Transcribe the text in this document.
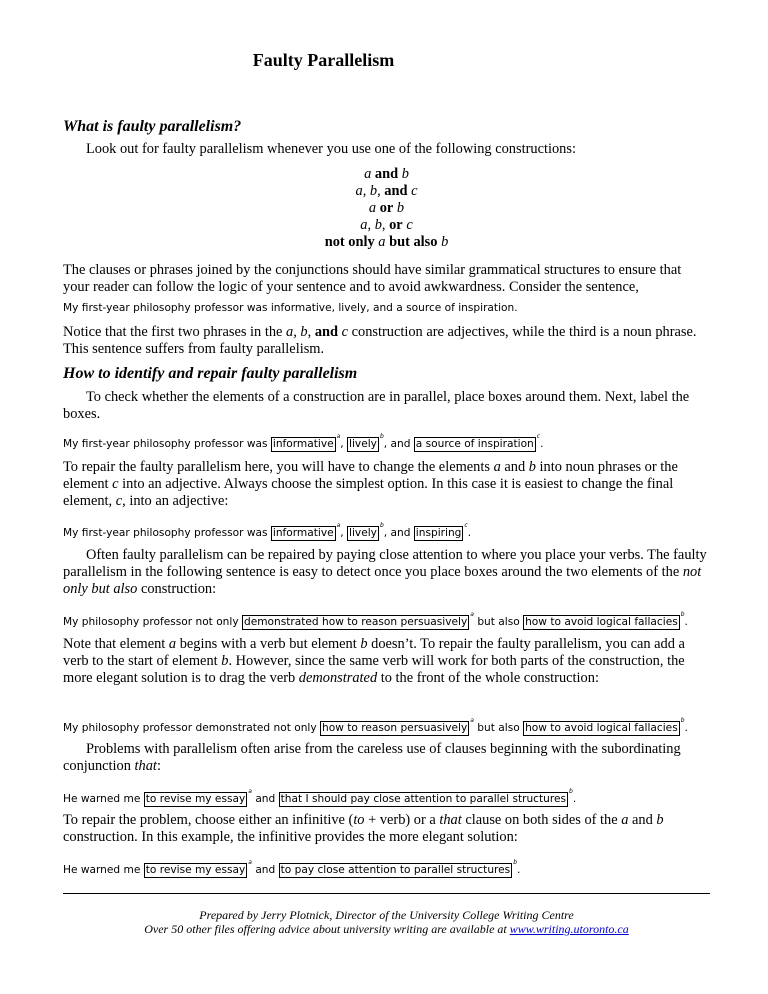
Faulty Parallelism
What is faulty parallelism?
Look out for faulty parallelism whenever you use one of the following constructions:
a and b
a, b, and c
a or b
a, b, or c
not only a but also b
The clauses or phrases joined by the conjunctions should have similar grammatical structures to ensure that your reader can follow the logic of your sentence and to avoid awkwardness. Consider the sentence,
My first-year philosophy professor was informative, lively, and a source of inspiration.
Notice that the first two phrases in the a, b, and c construction are adjectives, while the third is a noun phrase. This sentence suffers from faulty parallelism.
How to identify and repair faulty parallelism
To check whether the elements of a construction are in parallel, place boxes around them. Next, label the boxes.
My first-year philosophy professor was informative$^a$, lively$^b$, and a source of inspiration$^c$.
To repair the faulty parallelism here, you will have to change the elements a and b into noun phrases or the element c into an adjective. Always choose the simplest option. In this case it is easiest to change the final element, c, into an adjective:
My first-year philosophy professor was informative$^a$, lively$^b$, and inspiring$^c$.
Often faulty parallelism can be repaired by paying close attention to where you place your verbs. The faulty parallelism in the following sentence is easy to detect once you place boxes around the two elements of the not only but also construction:
My philosophy professor not only demonstrated how to reason persuasively$^a$ but also how to avoid logical fallacies$^b$.
Note that element a begins with a verb but element b doesn’t. To repair the faulty parallelism, you can add a verb to the start of element b. However, since the same verb will work for both parts of the construction, the more elegant solution is to drag the verb demonstrated to the front of the whole construction:
My philosophy professor demonstrated not only how to reason persuasively$^a$ but also how to avoid logical fallacies$^b$.
Problems with parallelism often arise from the careless use of clauses beginning with the subordinating conjunction that:
He warned me to revise my essay$^a$ and that I should pay close attention to parallel structures$^b$.
To repair the problem, choose either an infinitive (to + verb) or a that clause on both sides of the a and b construction. In this example, the infinitive provides the more elegant solution:
He warned me to revise my essay$^a$ and to pay close attention to parallel structures$^b$.
Prepared by Jerry Plotnick, Director of the University College Writing Centre
Over 50 other files offering advice about university writing are available at www.writing.utoronto.ca
